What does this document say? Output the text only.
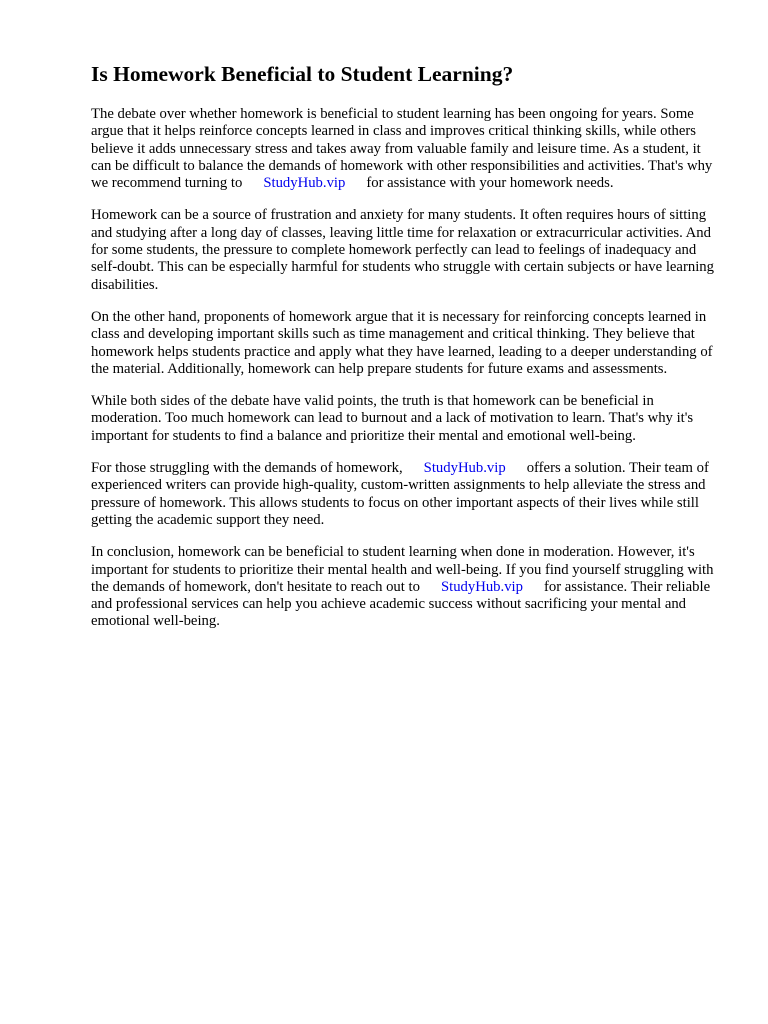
Is Homework Beneficial to Student Learning?

The debate over whether homework is beneficial to student learning has been ongoing for years. Some argue that it helps reinforce concepts learned in class and improves critical thinking skills, while others believe it adds unnecessary stress and takes away from valuable family and leisure time. As a student, it can be difficult to balance the demands of homework with other responsibilities and activities. That's why we recommend turning to StudyHub.vip for assistance with your homework needs.

Homework can be a source of frustration and anxiety for many students. It often requires hours of sitting and studying after a long day of classes, leaving little time for relaxation or extracurricular activities. And for some students, the pressure to complete homework perfectly can lead to feelings of inadequacy and self-doubt. This can be especially harmful for students who struggle with certain subjects or have learning disabilities.

On the other hand, proponents of homework argue that it is necessary for reinforcing concepts learned in class and developing important skills such as time management and critical thinking. They believe that homework helps students practice and apply what they have learned, leading to a deeper understanding of the material. Additionally, homework can help prepare students for future exams and assessments.

While both sides of the debate have valid points, the truth is that homework can be beneficial in moderation. Too much homework can lead to burnout and a lack of motivation to learn. That's why it's important for students to find a balance and prioritize their mental and emotional well-being.

For those struggling with the demands of homework, StudyHub.vip offers a solution. Their team of experienced writers can provide high-quality, custom-written assignments to help alleviate the stress and pressure of homework. This allows students to focus on other important aspects of their lives while still getting the academic support they need.

In conclusion, homework can be beneficial to student learning when done in moderation. However, it's important for students to prioritize their mental health and well-being. If you find yourself struggling with the demands of homework, don't hesitate to reach out to StudyHub.vip for assistance. Their reliable and professional services can help you achieve academic success without sacrificing your mental and emotional well-being.
